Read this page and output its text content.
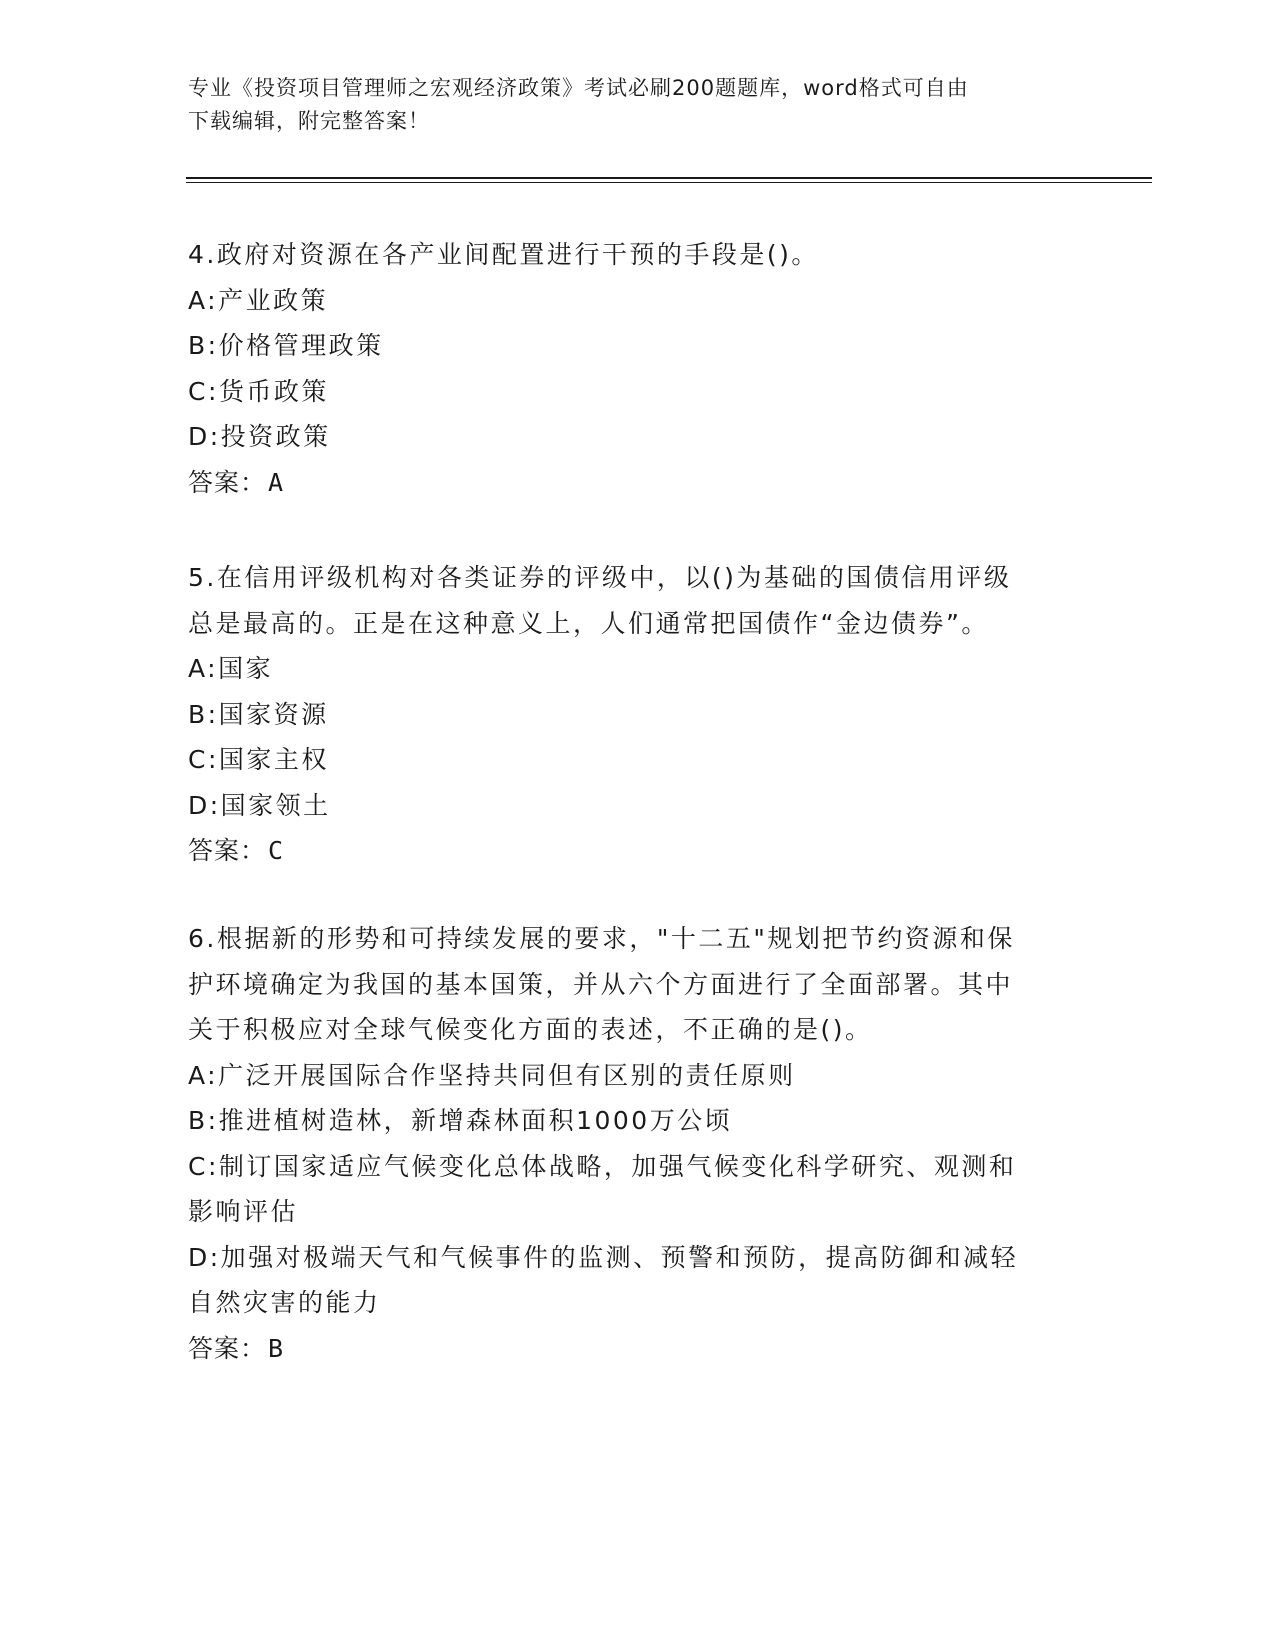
专业《投资项目管理师之宏观经济政策》考试必刷200题题库，word格式可自由

下载编辑，附完整答案！

4.政府对资源在各产业间配置进行干预的手段是()。

A:产业政策

B:价格管理政策

C:货币政策

D:投资政策

答案：A

5.在信用评级机构对各类证券的评级中，以()为基础的国债信用评级

总是最高的。正是在这种意义上，人们通常把国债作“金边债券”。

A:国家

B:国家资源

C:国家主权

D:国家领土

答案：C

6.根据新的形势和可持续发展的要求，"十二五"规划把节约资源和保

护环境确定为我国的基本国策，并从六个方面进行了全面部署。其中

关于积极应对全球气候变化方面的表述，不正确的是()。

A:广泛开展国际合作坚持共同但有区别的责任原则

B:推进植树造林，新增森林面积1000万公顷

C:制订国家适应气候变化总体战略，加强气候变化科学研究、观测和

影响评估

D:加强对极端天气和气候事件的监测、预警和预防，提高防御和减轻

自然灾害的能力

答案：B
